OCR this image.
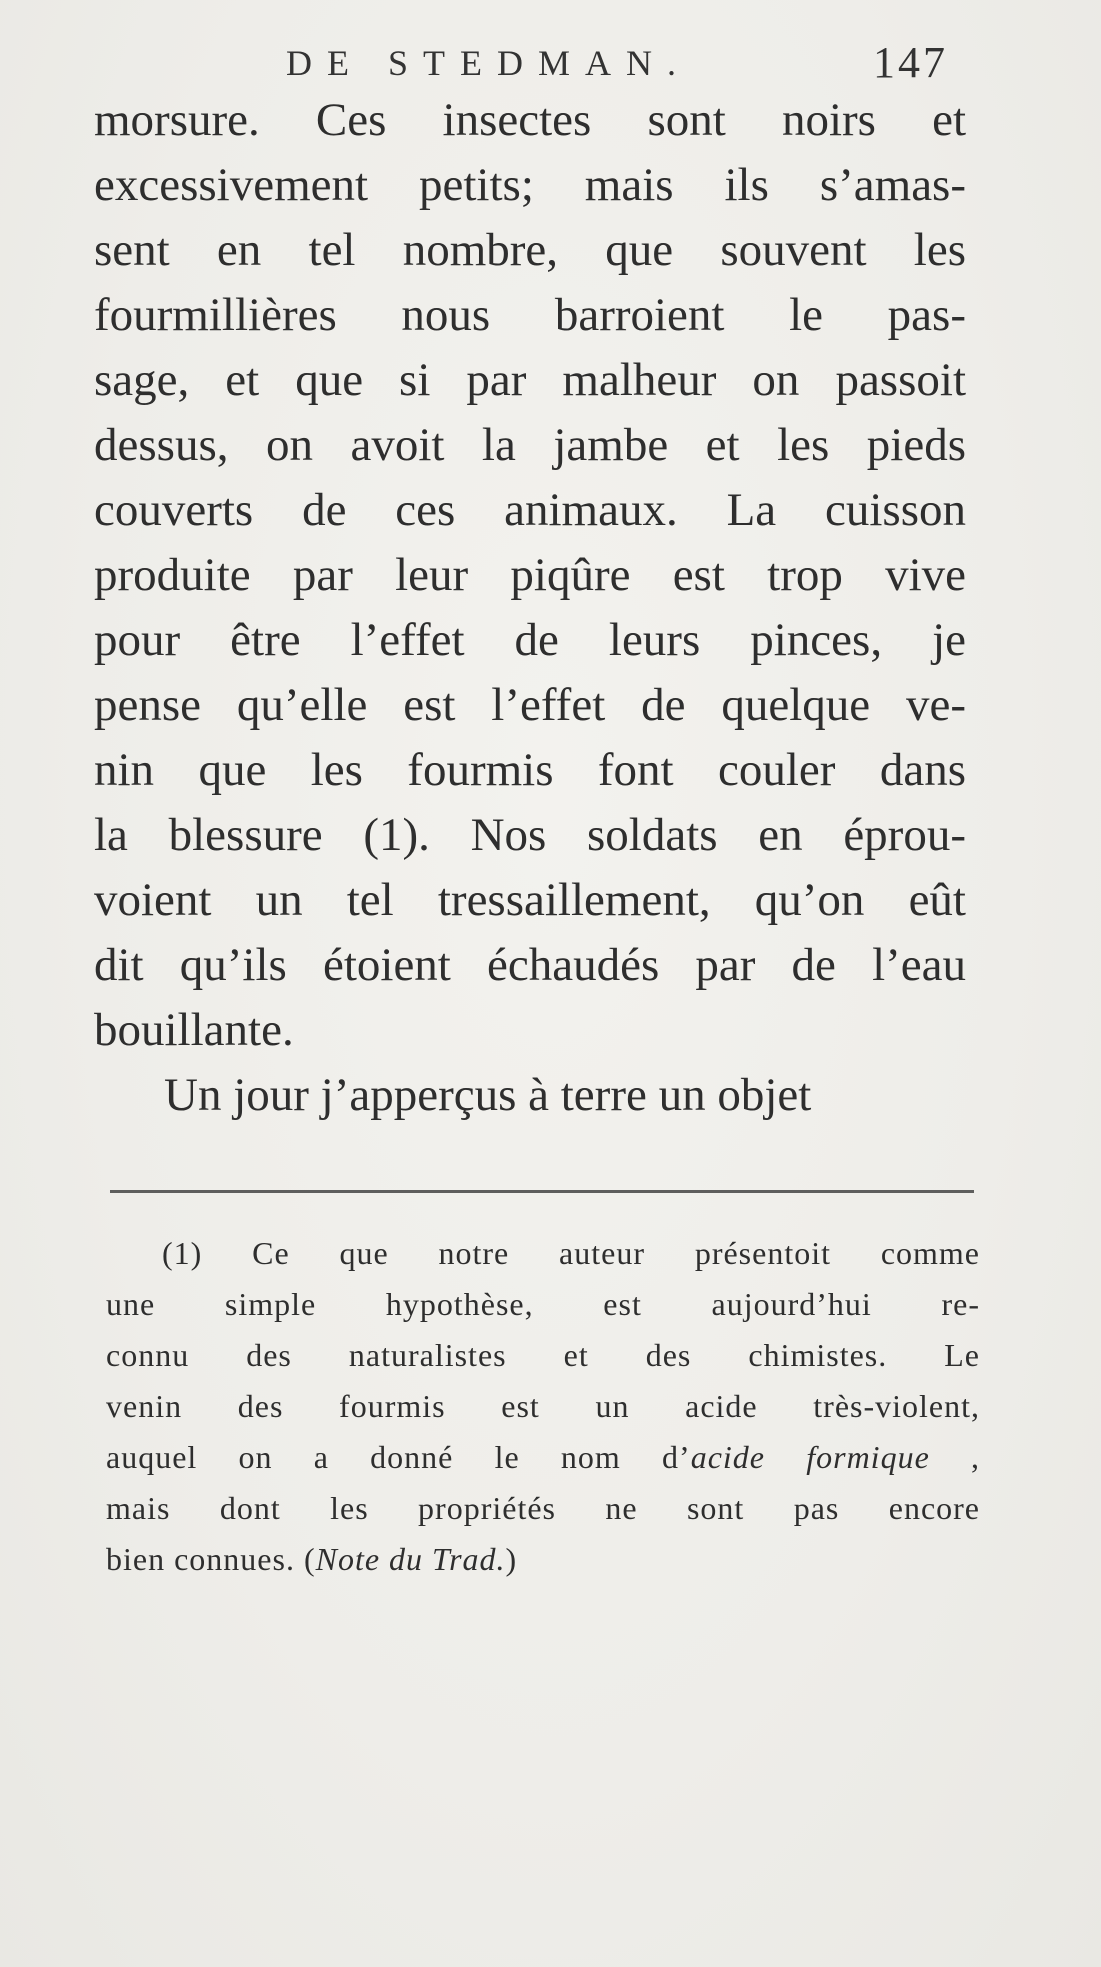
DE STEDMAN.	147
morsure. Ces insectes sont noirs et
excessivement petits; mais ils s’amas-
sent en tel nombre, que souvent les
fourmillières nous barroient le pas-
sage, et que si par malheur on passoit
dessus, on avoit la jambe et les pieds
couverts de ces animaux. La cuisson
produite par leur piqûre est trop vive
pour être l’effet de leurs pinces, je
pense qu’elle est l’effet de quelque ve-
nin que les fourmis font couler dans
la blessure (1). Nos soldats en éprou-
voient un tel tressaillement, qu’on eût
dit qu’ils étoient échaudés par de l’eau
bouillante.
Un jour j’apperçus à terre un objet
(1) Ce que notre auteur présentoit comme
une simple hypothèse, est aujourd’hui re-
connu des naturalistes et des chimistes. Le
venin des fourmis est un acide très-violent,
auquel on a donné le nom d’acide formique ,
mais dont les propriétés ne sont pas encore
bien connues. (Note du Trad.)
